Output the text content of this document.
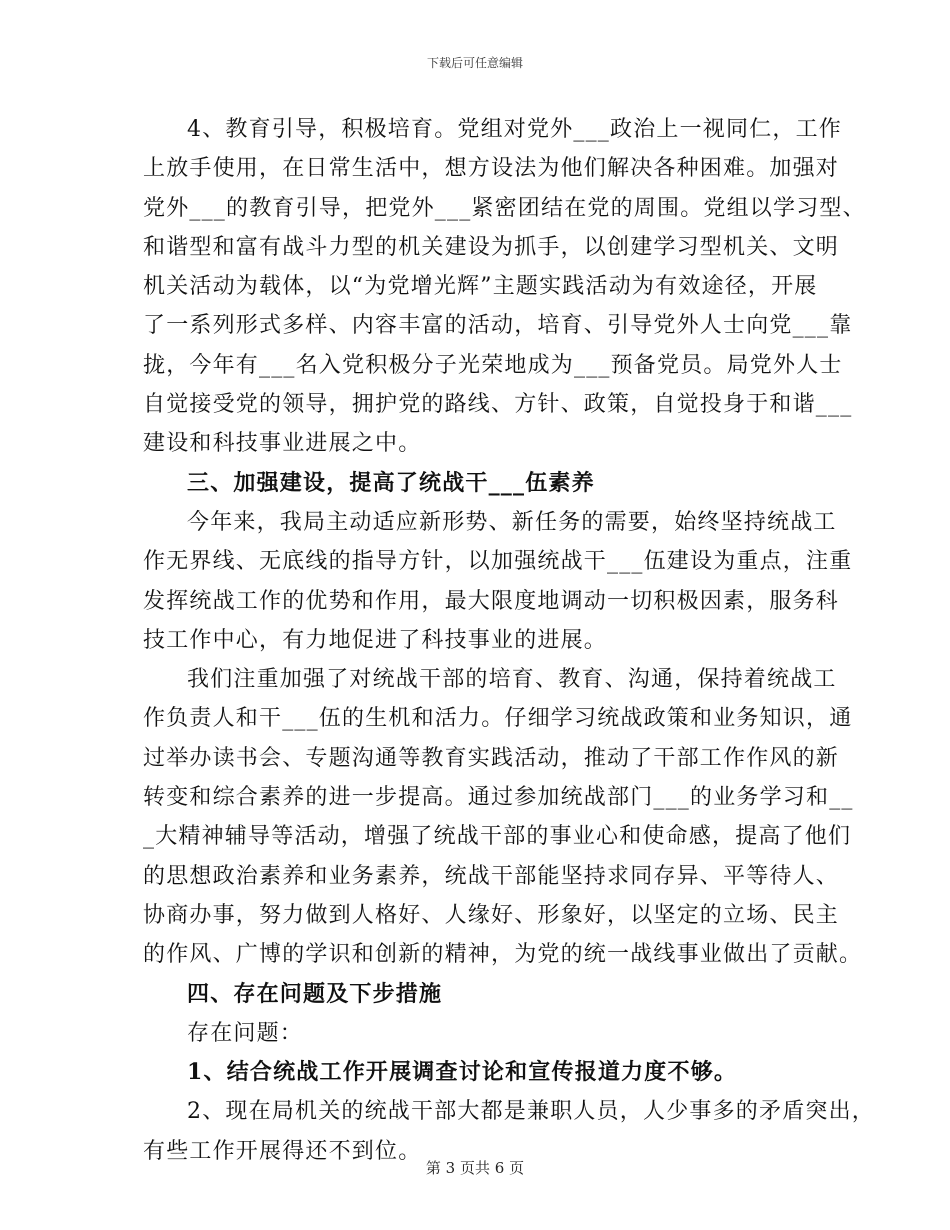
下载后可任意编辑
4、教育引导，积极培育。党组对党外___政治上一视同仁，工作
上放手使用，在日常生活中，想方设法为他们解决各种困难。加强对
党外___的教育引导，把党外___紧密团结在党的周围。党组以学习型、
和谐型和富有战斗力型的机关建设为抓手，以创建学习型机关、文明
机关活动为载体，以“为党增光辉”主题实践活动为有效途径，开展
了一系列形式多样、内容丰富的活动，培育、引导党外人士向党___靠
拢，今年有___名入党积极分子光荣地成为___预备党员。局党外人士
自觉接受党的领导，拥护党的路线、方针、政策，自觉投身于和谐___
建设和科技事业进展之中。
三、加强建设，提高了统战干___伍素养
今年来，我局主动适应新形势、新任务的需要，始终坚持统战工
作无界线、无底线的指导方针，以加强统战干___伍建设为重点，注重
发挥统战工作的优势和作用，最大限度地调动一切积极因素，服务科
技工作中心，有力地促进了科技事业的进展。
我们注重加强了对统战干部的培育、教育、沟通，保持着统战工
作负责人和干___伍的生机和活力。仔细学习统战政策和业务知识，通
过举办读书会、专题沟通等教育实践活动，推动了干部工作作风的新
转变和综合素养的进一步提高。通过参加统战部门___的业务学习和__
_大精神辅导等活动，增强了统战干部的事业心和使命感，提高了他们
的思想政治素养和业务素养，统战干部能坚持求同存异、平等待人、
协商办事，努力做到人格好、人缘好、形象好，以坚定的立场、民主
的作风、广博的学识和创新的精神，为党的统一战线事业做出了贡献。
四、存在问题及下步措施
存在问题：
1、结合统战工作开展调查讨论和宣传报道力度不够。
2、现在局机关的统战干部大都是兼职人员，人少事多的矛盾突出，
有些工作开展得还不到位。
第 3 页共 6 页
